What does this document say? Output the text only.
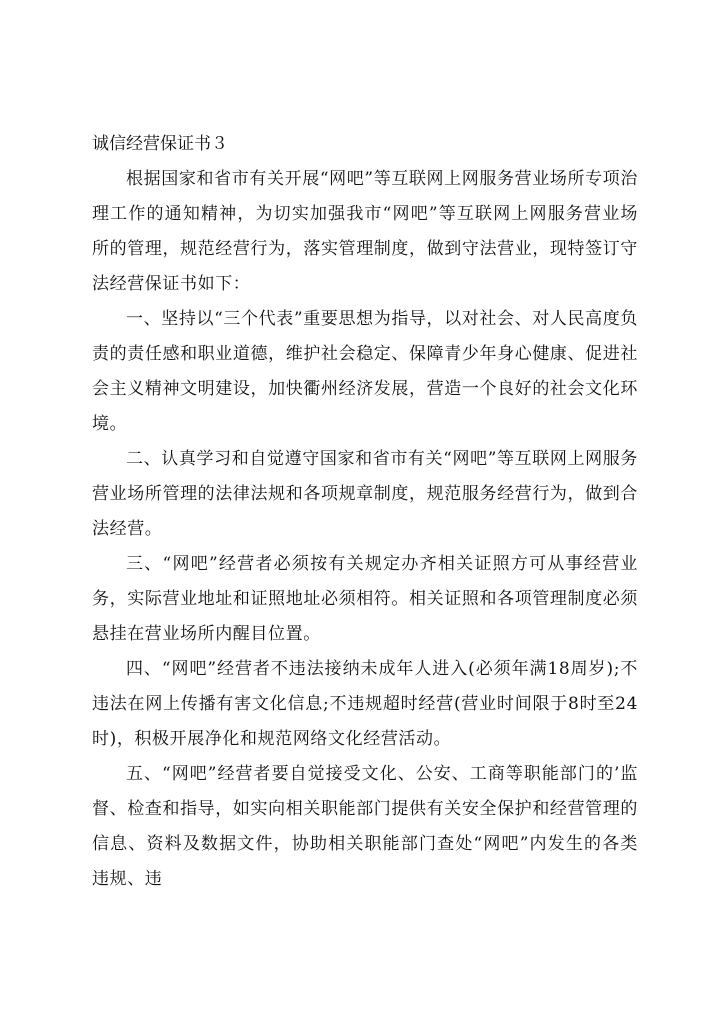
诚信经营保证书３

根据国家和省市有关开展“网吧”等互联网上网服务营业场所专项治理工作的通知精神，为切实加强我市“网吧”等互联网上网服务营业场所的管理，规范经营行为，落实管理制度，做到守法营业，现特签订守法经营保证书如下：

一、坚持以“三个代表”重要思想为指导，以对社会、对人民高度负责的责任感和职业道德，维护社会稳定、保障青少年身心健康、促进社会主义精神文明建设，加快衢州经济发展，营造一个良好的社会文化环境。

二、认真学习和自觉遵守国家和省市有关“网吧”等互联网上网服务营业场所管理的法律法规和各项规章制度，规范服务经营行为，做到合法经营。

三、“网吧”经营者必须按有关规定办齐相关证照方可从事经营业务，实际营业地址和证照地址必须相符。相关证照和各项管理制度必须悬挂在营业场所内醒目位置。

四、“网吧”经营者不违法接纳未成年人进入(必须年满18周岁);不违法在网上传播有害文化信息;不违规超时经营(营业时间限于8时至24时)，积极开展净化和规范网络文化经营活动。

五、“网吧”经营者要自觉接受文化、公安、工商等职能部门的’监督、检查和指导，如实向相关职能部门提供有关安全保护和经营管理的信息、资料及数据文件，协助相关职能部门查处“网吧”内发生的各类违规、违
